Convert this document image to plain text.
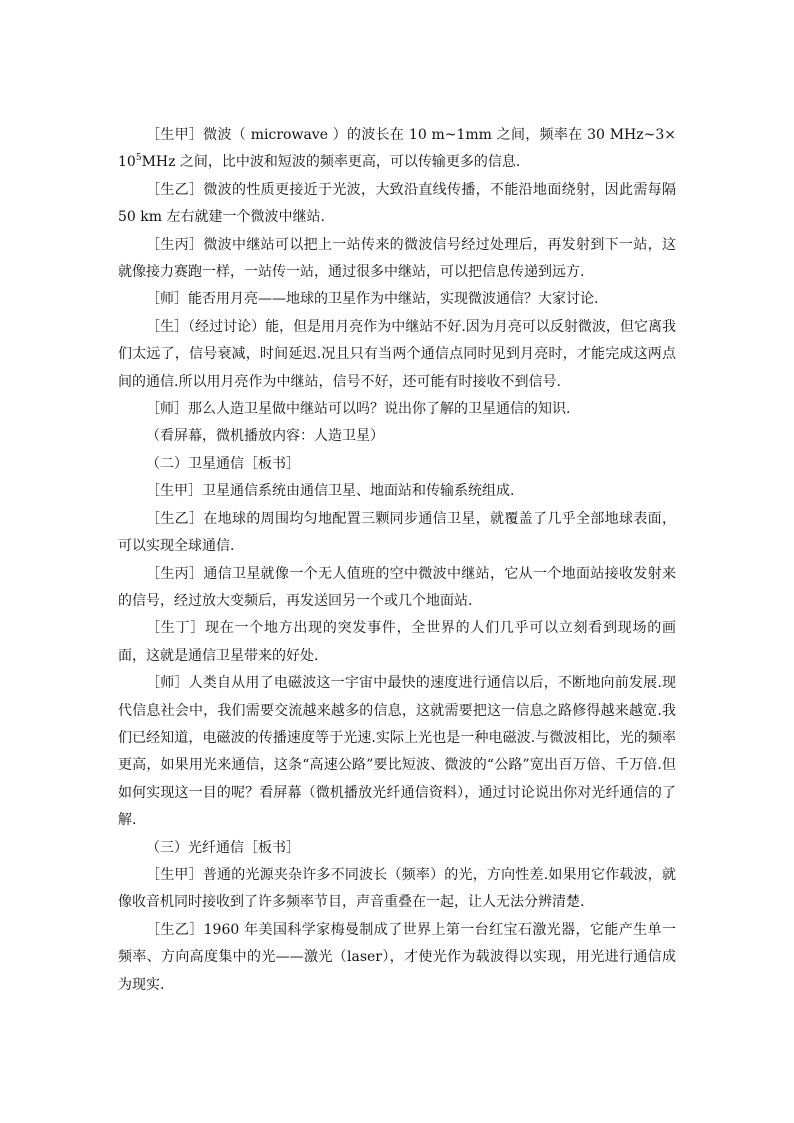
［生甲］微波（ microwave ）的波长在 10 m~1mm 之间，频率在 30 $MHz\sim 3\times 10^5MHz$ 之间，比中波和短波的频率更高，可以传输更多的信息.

［生乙］微波的性质更接近于光波，大致沿直线传播，不能沿地面绕射，因此需每隔 50 km 左右就建一个微波中继站.

［生丙］微波中继站可以把上一站传来的微波信号经过处理后，再发射到下一站，这就像接力赛跑一样，一站传一站，通过很多中继站，可以把信息传递到远方.

［师］能否用月亮——地球的卫星作为中继站，实现微波通信？大家讨论.

［生］（经过讨论）能，但是用月亮作为中继站不好.因为月亮可以反射微波，但它离我们太远了，信号衰减，时间延迟.况且只有当两个通信点同时见到月亮时，才能完成这两点间的通信.所以用月亮作为中继站，信号不好，还可能有时接收不到信号.

［师］那么人造卫星做中继站可以吗？说出你了解的卫星通信的知识.

（看屏幕，微机播放内容：人造卫星）

（二）卫星通信［板书］

［生甲］卫星通信系统由通信卫星、地面站和传输系统组成.

［生乙］在地球的周围均匀地配置三颗同步通信卫星，就覆盖了几乎全部地球表面，可以实现全球通信.

［生丙］通信卫星就像一个无人值班的空中微波中继站，它从一个地面站接收发射来的信号，经过放大变频后，再发送回另一个或几个地面站.

［生丁］现在一个地方出现的突发事件，全世界的人们几乎可以立刻看到现场的画面，这就是通信卫星带来的好处.

［师］人类自从用了电磁波这一宇宙中最快的速度进行通信以后，不断地向前发展.现代信息社会中，我们需要交流越来越多的信息，这就需要把这一信息之路修得越来越宽.我们已经知道，电磁波的传播速度等于光速.实际上光也是一种电磁波.与微波相比，光的频率更高，如果用光来通信，这条“高速公路”要比短波、微波的“公路”宽出百万倍、千万倍.但如何实现这一目的呢？看屏幕（微机播放光纤通信资料），通过讨论说出你对光纤通信的了解.

（三）光纤通信［板书］

［生甲］普通的光源夹杂许多不同波长（频率）的光，方向性差.如果用它作载波，就像收音机同时接收到了许多频率节目，声音重叠在一起，让人无法分辨清楚.

［生乙］1960 年美国科学家梅曼制成了世界上第一台红宝石激光器，它能产生单一频率、方向高度集中的光——激光（laser），才使光作为载波得以实现，用光进行通信成为现实.
